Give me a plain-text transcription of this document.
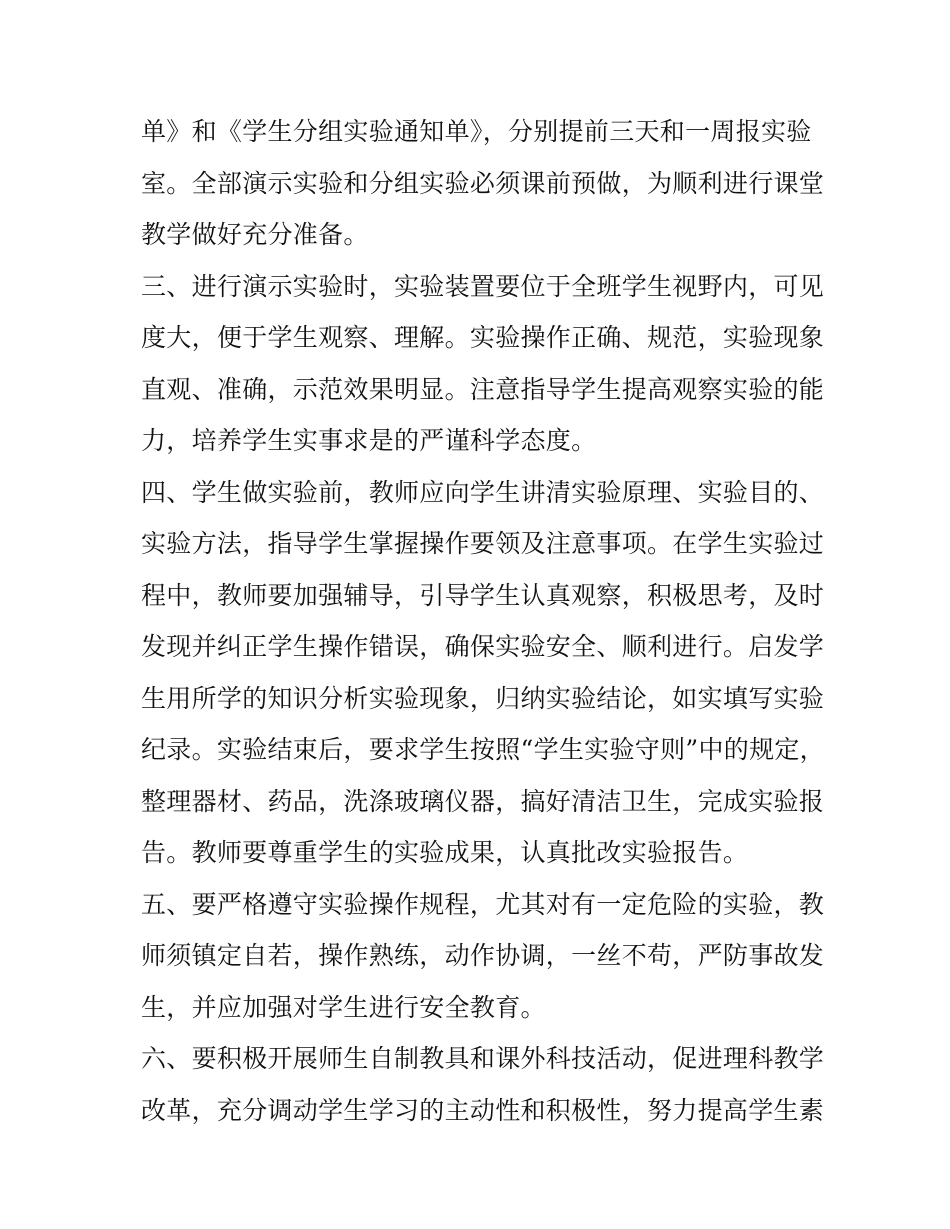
单》和《学生分组实验通知单》，分别提前三天和一周报实验
室。全部演示实验和分组实验必须课前预做，为顺利进行课堂
教学做好充分准备。
三、进行演示实验时，实验装置要位于全班学生视野内，可见
度大，便于学生观察、理解。实验操作正确、规范，实验现象
直观、准确，示范效果明显。注意指导学生提高观察实验的能
力，培养学生实事求是的严谨科学态度。
四、学生做实验前，教师应向学生讲清实验原理、实验目的、
实验方法，指导学生掌握操作要领及注意事项。在学生实验过
程中，教师要加强辅导，引导学生认真观察，积极思考，及时
发现并纠正学生操作错误，确保实验安全、顺利进行。启发学
生用所学的知识分析实验现象，归纳实验结论，如实填写实验
纪录。实验结束后，要求学生按照“学生实验守则”中的规定，
整理器材、药品，洗涤玻璃仪器，搞好清洁卫生，完成实验报
告。教师要尊重学生的实验成果，认真批改实验报告。
五、要严格遵守实验操作规程，尤其对有一定危险的实验，教
师须镇定自若，操作熟练，动作协调，一丝不苟，严防事故发
生，并应加强对学生进行安全教育。
六、要积极开展师生自制教具和课外科技活动，促进理科教学
改革，充分调动学生学习的主动性和积极性，努力提高学生素
